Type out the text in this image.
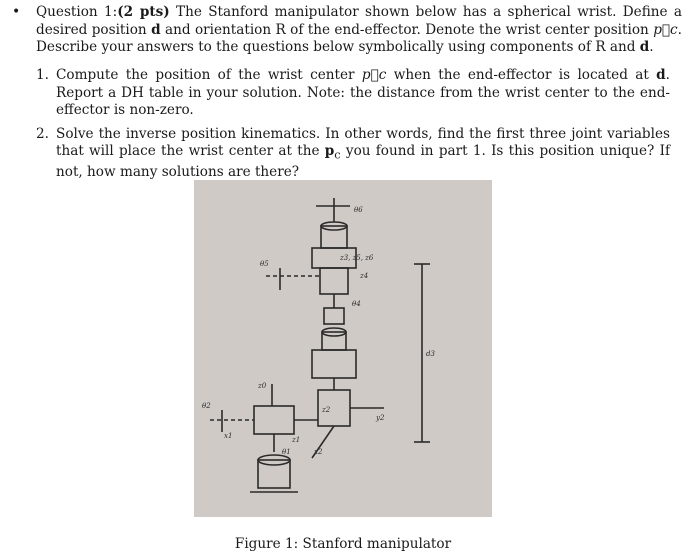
• Question 1:(2 pts) The Stanford manipulator shown below has a spherical wrist. Define a desired position d and orientation R of the end-effector. Denote the wrist center position p⃗c. Describe your answers to the questions below symbolically using components of R and d.
1. Compute the position of the wrist center p⃗c when the end-effector is located at d. Report a DH table in your solution. Note: the distance from the wrist center to the end-effector is non-zero.
2. Solve the inverse position kinematics. In other words, find the first three joint variables that will place the wrist center at the $p_c$ you found in part 1. Is this position unique? If not, how many solutions are there?
θ6
z3, z5, z6
z4
θ5
θ4
d3
z0
θ2	z2
y2
x1	z1
θ1	x2
Figure 1: Stanford manipulator
